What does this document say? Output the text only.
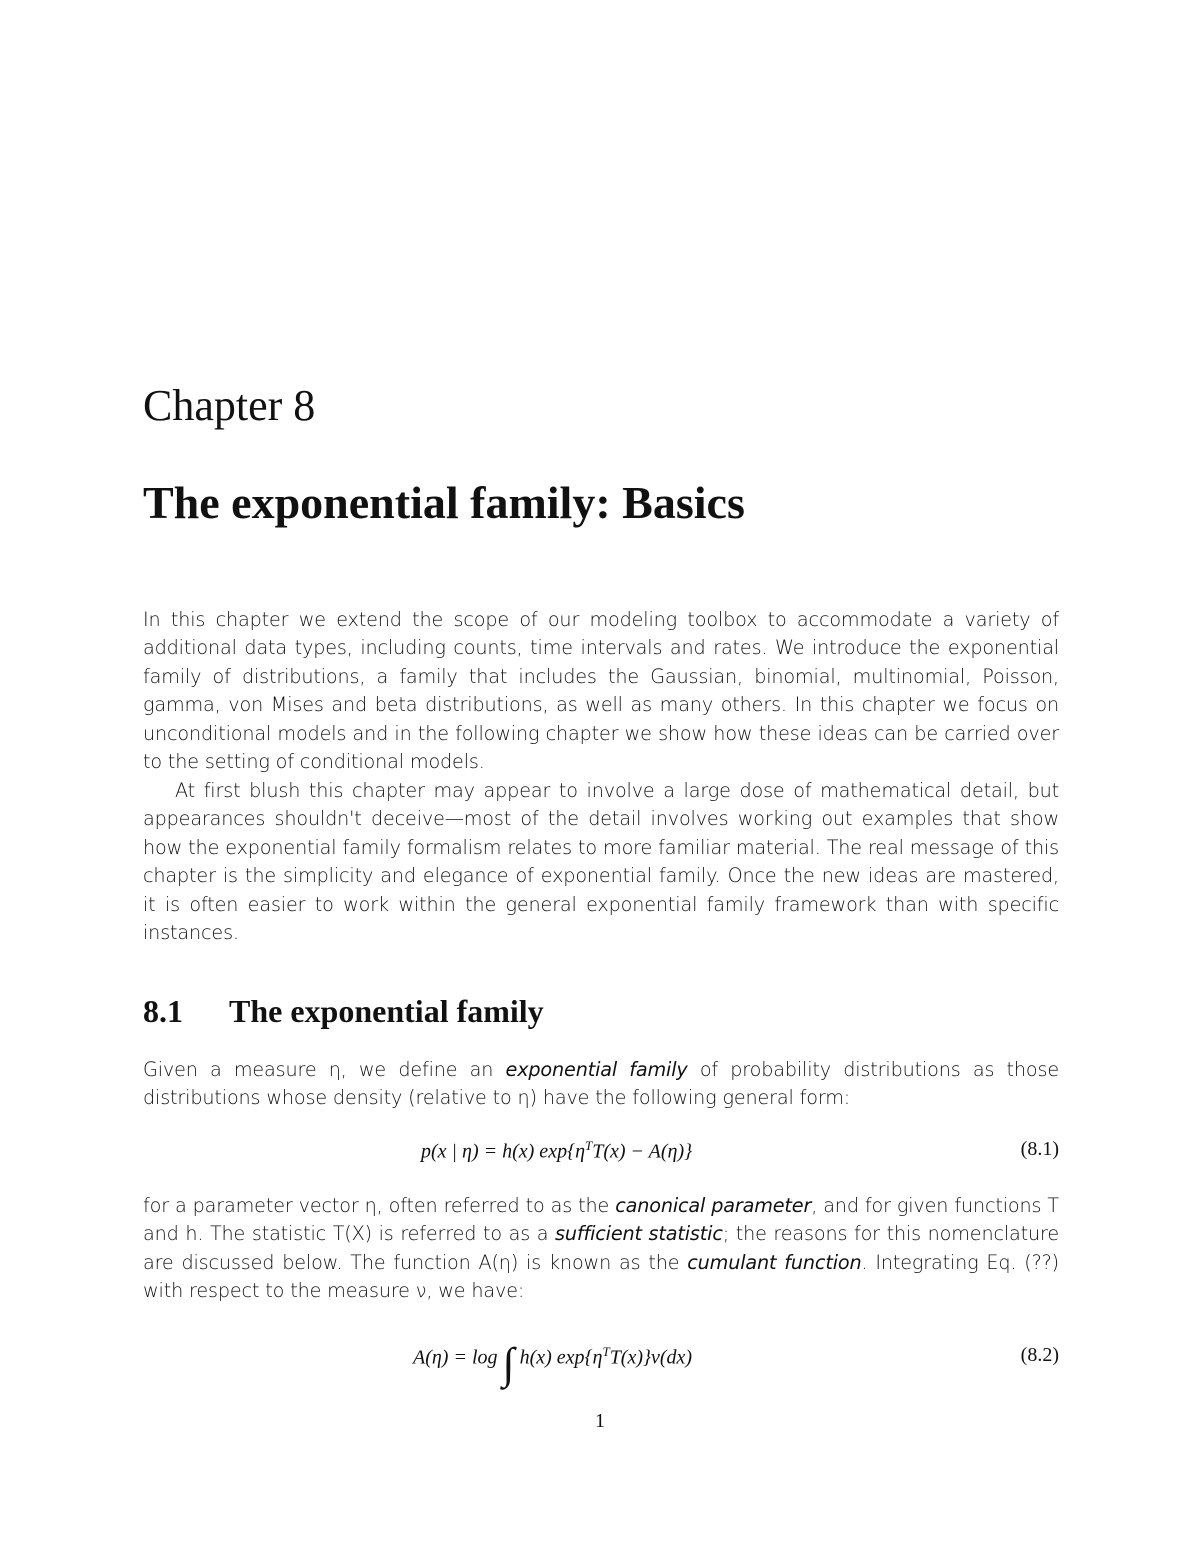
Chapter 8
The exponential family: Basics

In this chapter we extend the scope of our modeling toolbox to accommodate a variety of additional data types, including counts, time intervals and rates. We introduce the exponential family of distributions, a family that includes the Gaussian, binomial, multinomial, Poisson, gamma, von Mises and beta distributions, as well as many others. In this chapter we focus on unconditional models and in the following chapter we show how these ideas can be carried over to the setting of conditional models.

At first blush this chapter may appear to involve a large dose of mathematical detail, but appearances shouldn't deceive—most of the detail involves working out examples that show how the exponential family formalism relates to more familiar material. The real message of this chapter is the simplicity and elegance of exponential family. Once the new ideas are mastered, it is often easier to work within the general exponential family framework than with specific instances.

8.1 The exponential family

Given a measure η, we define an exponential family of probability distributions as those distributions whose density (relative to η) have the following general form:

p(x | η) = h(x) $\exp\{\eta^TT(x) - A(\eta)\}$	(8.1)

for a parameter vector η, often referred to as the canonical parameter, and for given functions T and h. The statistic T(X) is referred to as a sufficient statistic; the reasons for this nomenclature are discussed below. The function A(η) is known as the cumulant function. Integrating Eq. (??) with respect to the measure ν, we have:

A(η) = log ∫ h(x) $\exp\{\eta^TT(x)\}\nu(dx)$	(8.2)
1
